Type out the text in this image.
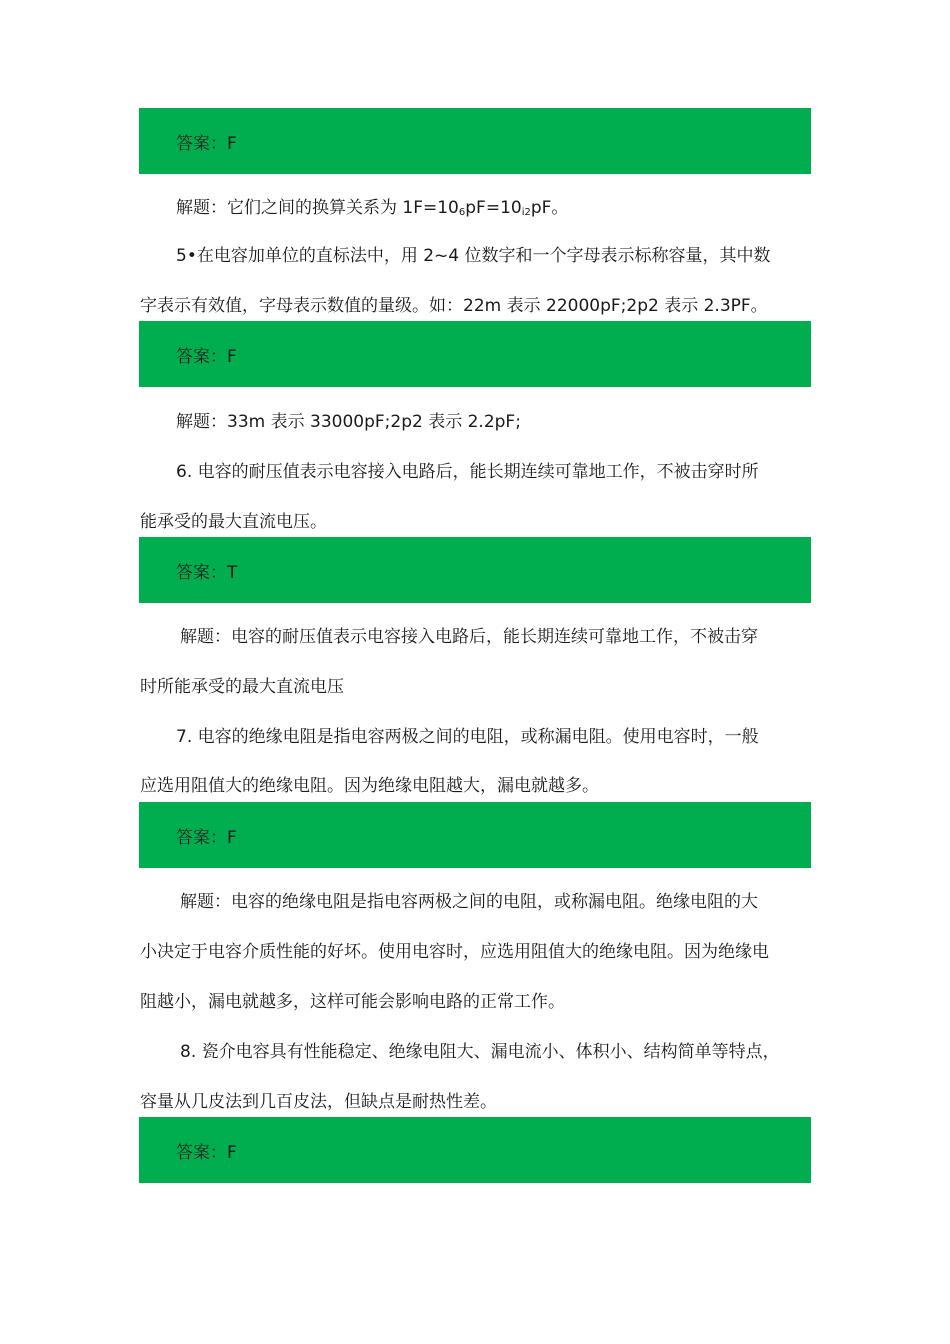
答案：F
解题：它们之间的换算关系为 $1F=10_6pF=10_{i2}pF$。
5•在电容加单位的直标法中，用 2~4 位数字和一个字母表示标称容量，其中数
字表示有效值，字母表示数值的量级。如：22m 表示 22000pF;2p2 表示 2.3PF。
答案：F
解题：33m 表示 33000pF;2p2 表示 2.2pF;
6. 电容的耐压值表示电容接入电路后，能长期连续可靠地工作，不被击穿时所
能承受的最大直流电压。
答案：T
解题：电容的耐压值表示电容接入电路后，能长期连续可靠地工作，不被击穿
时所能承受的最大直流电压
7. 电容的绝缘电阻是指电容两极之间的电阻，或称漏电阻。使用电容时，一般
应选用阻值大的绝缘电阻。因为绝缘电阻越大，漏电就越多。
答案：F
解题：电容的绝缘电阻是指电容两极之间的电阻，或称漏电阻。绝缘电阻的大
小决定于电容介质性能的好坏。使用电容时，应选用阻值大的绝缘电阻。因为绝缘电
阻越小，漏电就越多，这样可能会影响电路的正常工作。
8. 瓷介电容具有性能稳定、绝缘电阻大、漏电流小、体积小、结构简单等特点，
容量从几皮法到几百皮法，但缺点是耐热性差。
答案：F
